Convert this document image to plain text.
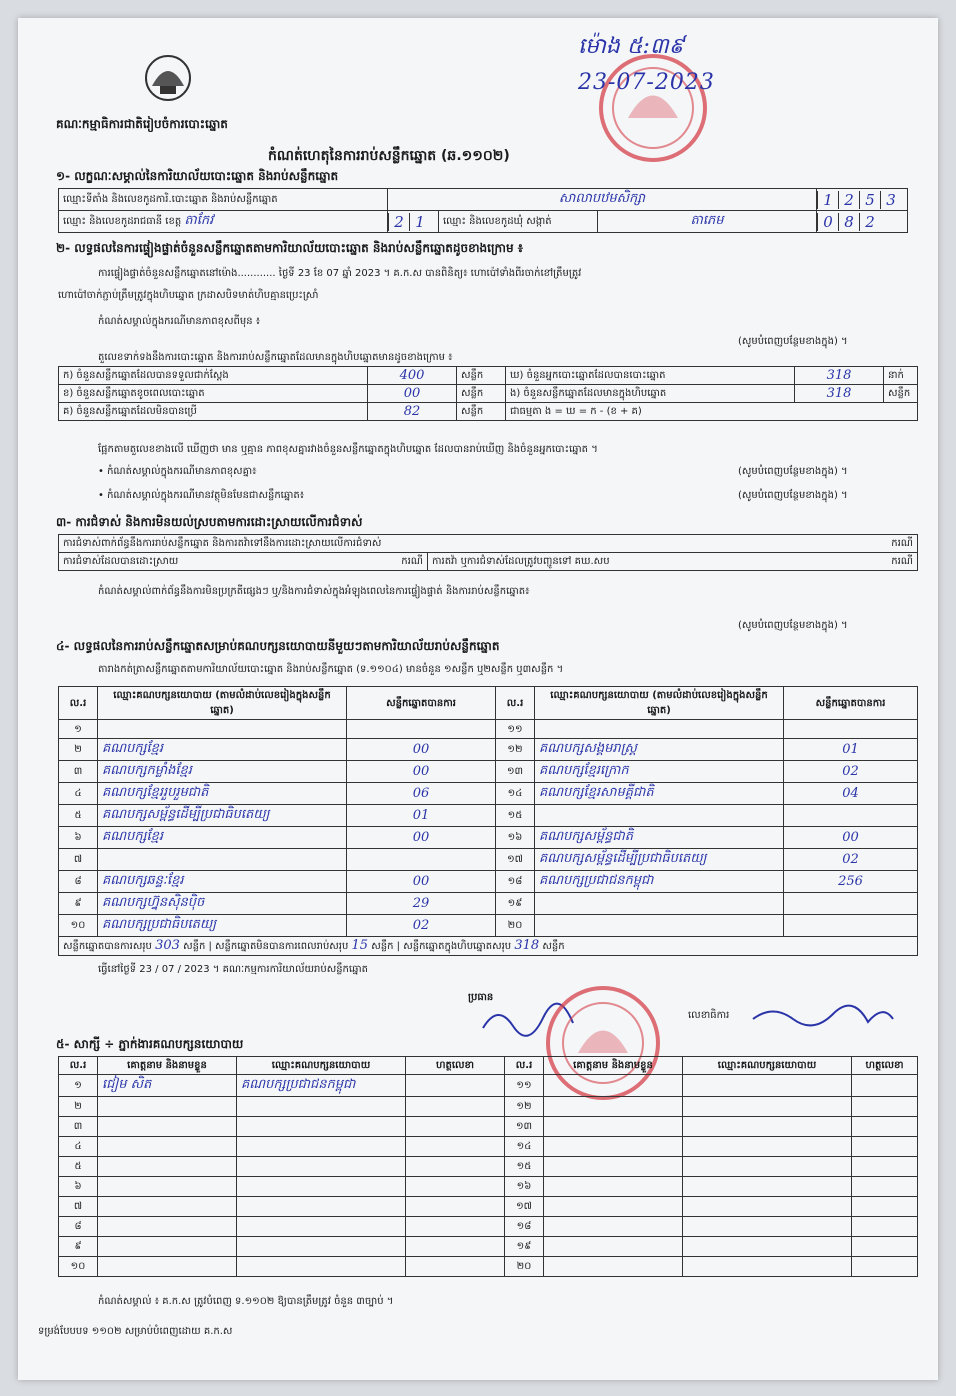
គណៈកម្មាធិការជាតិរៀបចំការបោះឆ្នោត
ម៉ោង ៥:៣៩
23-07-2023
កំណត់ហេតុនៃការរាប់សន្លឹកឆ្នោត (ឆ.១១០២)
១- លក្ខណៈសម្គាល់នៃការិយាល័យបោះឆ្នោត និងរាប់សន្លឹកឆ្នោត
ឈ្មោះទីតាំង និងលេខកូដការិ.បោះឆ្នោត និងរាប់សន្លឹកឆ្នោត	សាលាបឋមសិក្សា			1 2 5 3
ឈ្មោះ និងលេខកូដរាជធានី ខេត្ត តាកែវ	2 1	ឈ្មោះ និងលេខកូដឃុំ សង្កាត់	តាភេម	0 8 2
២- លទ្ធផលនៃការផ្ទៀងផ្ទាត់ចំនួនសន្លឹកឆ្នោតតាមការិយាល័យបោះឆ្នោត និងរាប់សន្លឹកឆ្នោតដូចខាងក្រោម ៖
ការផ្ទៀងផ្ទាត់ចំនួនសន្លឹកឆ្នោតនៅម៉ោង............ ថ្ងៃទី 23 ខែ 07 ឆ្នាំ 2023 ។ គ.ក.ស បានពិនិត្យ៖ ហោប៉ៅទាំងពីរចាក់ខៅត្រឹមត្រូវ
ហោប៉ៅចាក់ភ្ជាប់ត្រឹមត្រូវក្នុងហិបឆ្នោត ក្រដាសបិទមាត់ហិបគ្មានប្រេះស្រាំ
កំណត់សម្គាល់ក្នុងករណីមានភាពខុសពីមុន ៖
(សូមបំពេញបន្ថែមខាងក្នុង) ។
តួលេខទាក់ទងនឹងការបោះឆ្នោត និងការរាប់សន្លឹកឆ្នោតដែលមានក្នុងហិបឆ្នោតមានដូចខាងក្រោម ៖
ក) ចំនួនសន្លឹកឆ្នោតដែលបានទទួលជាក់ស្តែង	400	សន្លឹក	ឃ) ចំនួនអ្នកបោះឆ្នោតដែលបានបោះឆ្នោត	318	នាក់
ខ) ចំនួនសន្លឹកឆ្នោតខូចពេលបោះឆ្នោត	00	សន្លឹក	ង) ចំនួនសន្លឹកឆ្នោតដែលមានក្នុងហិបឆ្នោត	318	សន្លឹក
គ) ចំនួនសន្លឹកឆ្នោតដែលមិនបានប្រើ	82	សន្លឹក	ជាធម្មតា ង = ឃ = ក - (ខ + គ)		
ផ្អែកតាមតួលេខខាងលើ ឃើញថា មាន ឬគ្មាន ភាពខុសគ្នារវាងចំនួនសន្លឹកឆ្នោតក្នុងហិបឆ្នោត ដែលបានរាប់ឃើញ និងចំនួនអ្នកបោះឆ្នោត ។
• កំណត់សម្គាល់ក្នុងករណីមានភាពខុសគ្នា៖	(សូមបំពេញបន្ថែមខាងក្នុង) ។
• កំណត់សម្គាល់ក្នុងករណីមានវត្ថុមិនមែនជាសន្លឹកឆ្នោត៖	(សូមបំពេញបន្ថែមខាងក្នុង) ។
៣- ការជំទាស់ និងការមិនយល់ស្របតាមការដោះស្រាយលើការជំទាស់
ការជំទាស់ពាក់ព័ន្ធនឹងការរាប់សន្លឹកឆ្នោត និងការតវ៉ាទៅនឹងការដោះស្រាយលើការជំទាស់	ករណី

ការជំទាស់ដែលបានដោះស្រាយ	ករណី	ការតវ៉ា ឬការជំទាស់ដែលត្រូវបញ្ជូនទៅ គឃ.សប	ករណី
កំណត់សម្គាល់ពាក់ព័ន្ធនឹងការមិនប្រក្រតីផ្សេងៗ ឬ/និងការជំទាស់ក្នុងអំឡុងពេលនៃការផ្ទៀងផ្ទាត់ និងការរាប់សន្លឹកឆ្នោត៖
(សូមបំពេញបន្ថែមខាងក្នុង) ។
៤- លទ្ធផលនៃការរាប់សន្លឹកឆ្នោតសម្រាប់គណបក្សនយោបាយនីមួយៗតាមការិយាល័យរាប់សន្លឹកឆ្នោត
តារាងកត់ត្រាសន្លឹកឆ្នោតតាមការិយាល័យបោះឆ្នោត និងរាប់សន្លឹកឆ្នោត (ទ.១១០៤) មានចំនួន ១សន្លឹក ឬ២សន្លឹក ឬ៣សន្លឹក ។
ល.រ	ឈ្មោះគណបក្សនយោបាយ (តាមលំដាប់លេខរៀងក្នុងសន្លឹកឆ្នោត)	សន្លឹកឆ្នោតបានការ	ល.រ	ឈ្មោះគណបក្សនយោបាយ (តាមលំដាប់លេខរៀងក្នុងសន្លឹកឆ្នោត)	សន្លឹកឆ្នោតបានការ
១			១១		
២	គណបក្សខ្មែរ	00	១២	គណបក្សសង្គមរាស្ត្រ	01
៣	គណបក្សកម្លាំងខ្មែរ	00	១៣	គណបក្សខ្មែរក្រោក	02
៤	គណបក្សខ្មែររួបរួមជាតិ	06	១៤	គណបក្សខ្មែរសាមគ្គីជាតិ	04
៥	គណបក្សសម្ព័ន្ធដើម្បីប្រជាធិបតេយ្យ	01	១៥		
៦	គណបក្សខ្មែរ	00	១៦	គណបក្សសម្ព័ន្ធជាតិ	00
៧			១៧	គណបក្សសម្ព័ន្ធដើម្បីប្រជាធិបតេយ្យ	02
៨	គណបក្សឆន្ទៈខ្មែរ	00	១៨	គណបក្សប្រជាជនកម្ពុជា	256
៩	គណបក្សហ្វ៊ុនស៊ិនប៉ិច	29	១៩		
១០	គណបក្សប្រជាធិបតេយ្យ	02	២០		
សន្លឹកឆ្នោតបានការសរុប 303 សន្លឹក | សន្លឹកឆ្នោតមិនបានការពេលរាប់សរុប 15 សន្លឹក | សន្លឹកឆ្នោតក្នុងហិបឆ្នោតសរុប 318 សន្លឹក					
ធ្វើនៅថ្ងៃទី 23 / 07 / 2023 ។ គណៈកម្មការការិយាល័យរាប់សន្លឹកឆ្នោត
ប្រធាន
លេខាធិការ
៥- សាក្សី ÷ ភ្នាក់ងារគណបក្សនយោបាយ
ល.រ	គោត្តនាម និងនាមខ្លួន	ឈ្មោះគណបក្សនយោបាយ	ហត្ថលេខា	ល.រ	គោត្តនាម និងនាមខ្លួន	ឈ្មោះគណបក្សនយោបាយ	ហត្ថលេខា
១	ជៀម សិត	គណបក្សប្រជាជនកម្ពុជា		១១			
២				១២			
៣				១៣			
៤				១៤			
៥				១៥			
៦				១៦			
៧				១៧			
៨				១៨			
៩				១៩			
១០				២០			
កំណត់សម្គាល់ ៖ គ.ក.ស ត្រូវបំពេញ ទ.១១០២ ឱ្យបានត្រឹមត្រូវ ចំនួន ៣ច្បាប់ ។
ទម្រង់បែបបទ ១១០២ សម្រាប់បំពេញដោយ គ.ក.ស
